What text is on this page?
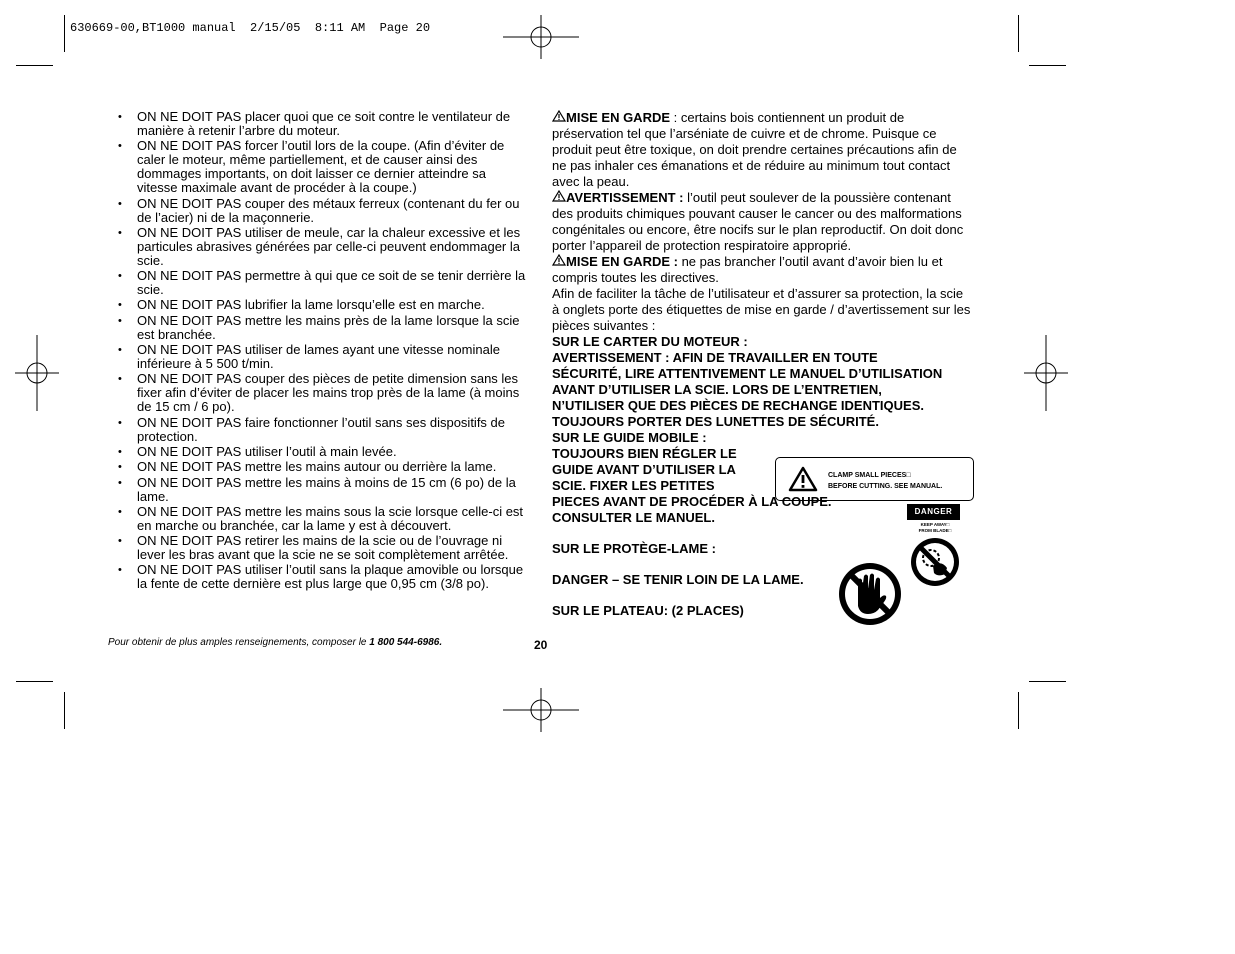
630669-00,BT1000 manual  2/15/05  8:11 AM  Page 20
• ON NE DOIT PAS placer quoi que ce soit contre le ventilateur de manière à retenir l’arbre du moteur.
• ON NE DOIT PAS forcer l’outil lors de la coupe. (Afin d’éviter de caler le moteur, même partiellement, et de causer ainsi des dommages importants, on doit laisser ce dernier atteindre sa vitesse maximale avant de procéder à la coupe.)
• ON NE DOIT PAS couper des métaux ferreux (contenant du fer ou de l’acier) ni de la maçonnerie.
• ON NE DOIT PAS utiliser de meule, car la chaleur excessive et les particules abrasives générées par celle-ci peuvent endommager la scie.
• ON NE DOIT PAS permettre à qui que ce soit de se tenir derrière la scie.
• ON NE DOIT PAS lubrifier la lame lorsqu’elle est en marche.
• ON NE DOIT PAS mettre les mains près de la lame lorsque la scie est branchée.
• ON NE DOIT PAS utiliser de lames ayant une vitesse nominale inférieure à 5 500 t/min.
• ON NE DOIT PAS couper des pièces de petite dimension sans les fixer afin d’éviter de placer les mains trop près de la lame (à moins de 15 cm / 6 po).
• ON NE DOIT PAS faire fonctionner l’outil sans ses dispositifs de protection.
• ON NE DOIT PAS utiliser l’outil à main levée.
• ON NE DOIT PAS mettre les mains autour ou derrière la lame.
• ON NE DOIT PAS mettre les mains à moins de 15 cm (6 po) de la lame.
• ON NE DOIT PAS mettre les mains sous la scie lorsque celle-ci est en marche ou branchée, car la lame y est à découvert.
• ON NE DOIT PAS retirer les mains de la scie ou de l’ouvrage ni lever les bras avant que la scie ne se soit complètement arrêtée.
• ON NE DOIT PAS utiliser l’outil sans la plaque amovible ou lorsque la fente de cette dernière est plus large que 0,95 cm (3/8 po).
Pour obtenir de plus amples renseignements, composer le 1 800 544-6986.	20

MISE EN GARDE : certains bois contiennent un produit de préservation tel que l’arséniate de cuivre et de chrome. Puisque ce produit peut être toxique, on doit prendre certaines précautions afin de ne pas inhaler ces émanations et de réduire au minimum tout contact avec la peau.

AVERTISSEMENT : l’outil peut soulever de la poussière contenant des produits chimiques pouvant causer le cancer ou des malformations congénitales ou encore, être nocifs sur le plan reproductif. On doit donc porter l’appareil de protection respiratoire approprié.

MISE EN GARDE : ne pas brancher l’outil avant d’avoir bien lu et compris toutes les directives.

Afin de faciliter la tâche de l’utilisateur et d’assurer sa protection, la scie à onglets porte des étiquettes de mise en garde / d’avertissement sur les pièces suivantes :

SUR LE CARTER DU MOTEUR :

AVERTISSEMENT : AFIN DE TRAVAILLER EN TOUTE
SÉCURITÉ, LIRE ATTENTIVEMENT LE MANUEL D’UTILISATION
AVANT D’UTILISER LA SCIE. LORS DE L’ENTRETIEN,
N’UTILISER QUE DES PIÈCES DE RECHANGE IDENTIQUES.
TOUJOURS PORTER DES LUNETTES DE SÉCURITÉ.

SUR LE GUIDE MOBILE :

TOUJOURS BIEN RÉGLER LE
GUIDE AVANT D’UTILISER LA
SCIE. FIXER LES PETITES
PIECES AVANT DE PROCÉDER À LA COUPE.
CONSULTER LE MANUEL.

SUR LE PROTÈGE-LAME :

DANGER – SE TENIR LOIN DE LA LAME.

SUR LE PLATEAU: (2 PLACES)

CLAMP SMALL PIECES□
BEFORE CUTTING. SEE MANUAL.
DANGER
KEEP AWAY□
FROM BLADE□
